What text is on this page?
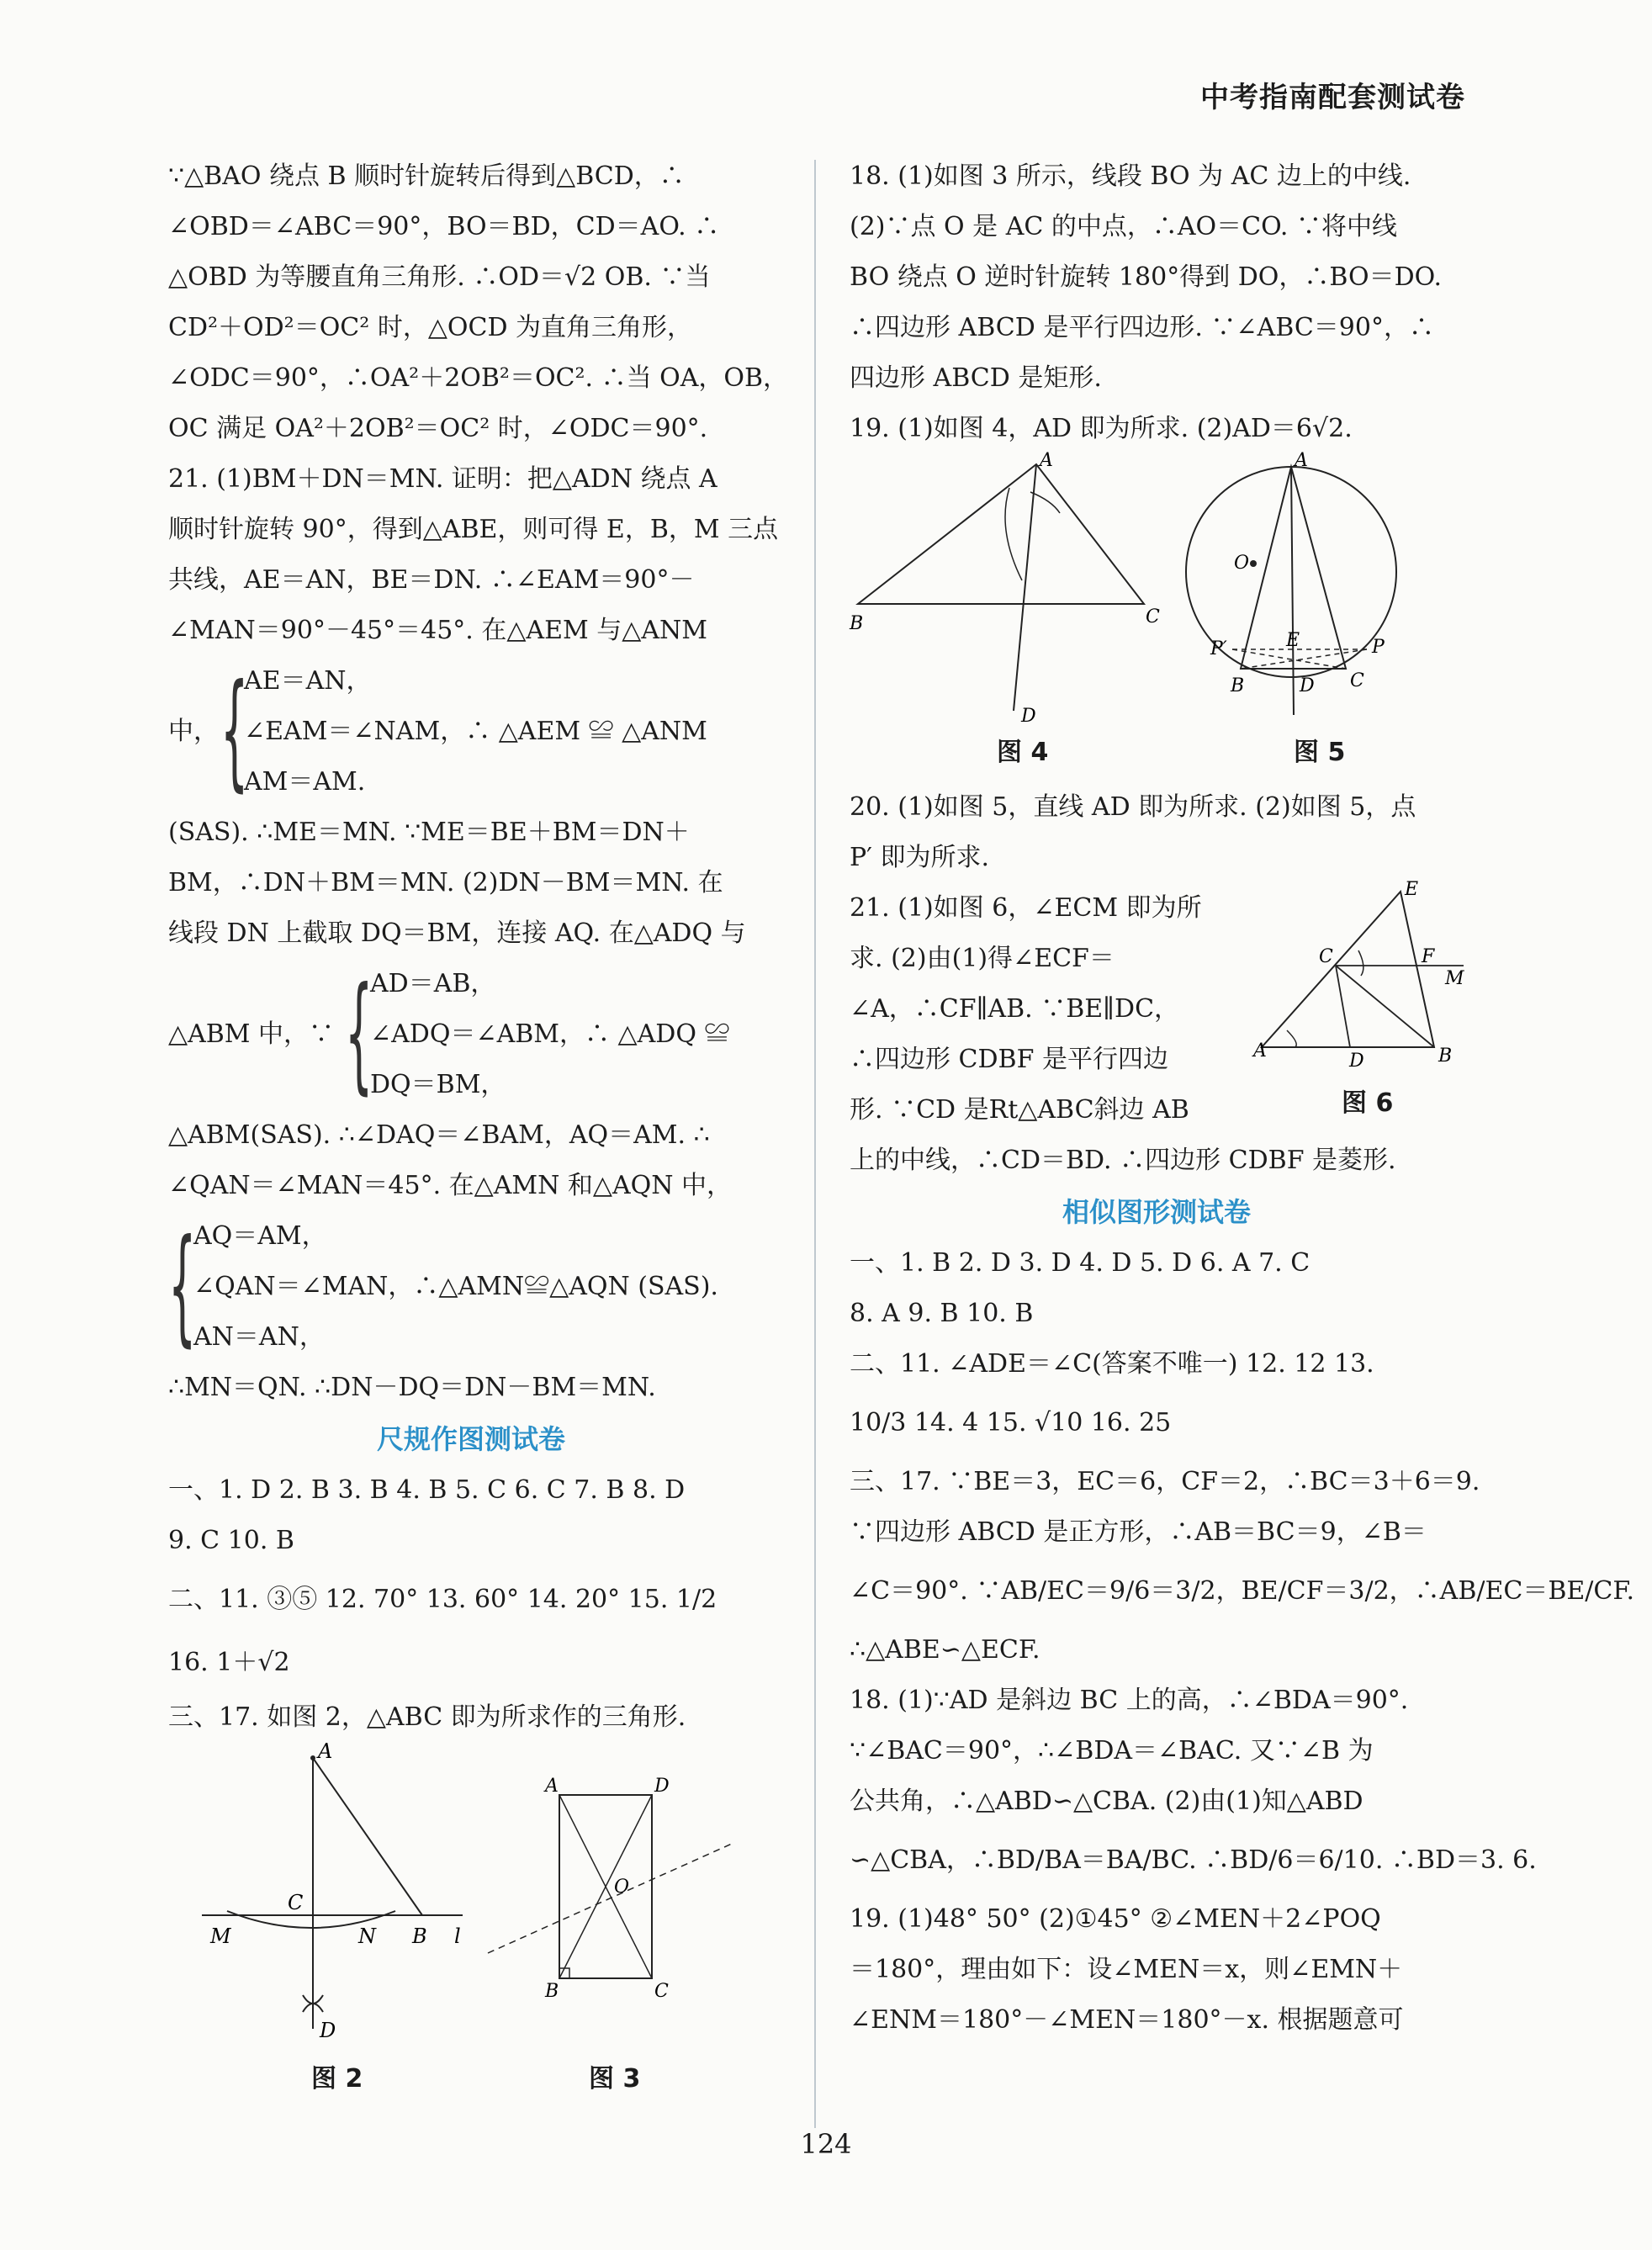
中考指南配套测试卷
∵△BAO 绕点 B 顺时针旋转后得到△BCD，∴
∠OBD＝∠ABC＝90°，BO＝BD，CD＝AO. ∴
△OBD 为等腰直角三角形. ∴OD＝√2 OB. ∵当
CD²＋OD²＝OC² 时，△OCD 为直角三角形，
∠ODC＝90°，∴OA²＋2OB²＝OC². ∴当 OA，OB，
OC 满足 OA²＋2OB²＝OC² 时，∠ODC＝90°.
21. (1)BM＋DN＝MN. 证明：把△ADN 绕点 A
顺时针旋转 90°，得到△ABE，则可得 E，B，M 三点
共线，AE＝AN，BE＝DN. ∴∠EAM＝90°－
∠MAN＝90°－45°＝45°. 在△AEM 与△ANM
中， {
AE＝AN，
∠EAM＝∠NAM，∴ △AEM ≌ △ANM
AM＝AM.
(SAS). ∴ME＝MN. ∵ME＝BE＋BM＝DN＋
BM，∴DN＋BM＝MN. (2)DN－BM＝MN. 在
线段 DN 上截取 DQ＝BM，连接 AQ. 在△ADQ 与
△ABM 中，∵ {
AD＝AB，
∠ADQ＝∠ABM，∴ △ADQ ≌
DQ＝BM，
△ABM(SAS). ∴∠DAQ＝∠BAM，AQ＝AM. ∴
∠QAN＝∠MAN＝45°. 在△AMN 和△AQN 中，
{
AQ＝AM，
∠QAN＝∠MAN，∴△AMN≌△AQN (SAS).
AN＝AN，
∴MN＝QN. ∴DN－DQ＝DN－BM＝MN.
尺规作图测试卷
一、1. D 2. B 3. B 4. B 5. C 6. C 7. B 8. D
9. C 10. B
二、11. ③⑤ 12. 70° 13. 60° 14. 20° 15. 1/2
16. 1＋√2
三、17. 如图 2，△ABC 即为所求作的三角形.
A
C
M	N B l
D
图 2
A	D
O
B	C
图 3
18. (1)如图 3 所示，线段 BO 为 AC 边上的中线.
(2)∵点 O 是 AC 的中点，∴AO＝CO. ∵将中线
BO 绕点 O 逆时针旋转 180°得到 DO，∴BO＝DO.
∴四边形 ABCD 是平行四边形. ∵∠ABC＝90°，∴
四边形 ABCD 是矩形.
19. (1)如图 4，AD 即为所求. (2)AD＝6√2.
A
B	C
D
图 4
A
O
P′	E	P
B	D C
图 5
20. (1)如图 5，直线 AD 即为所求. (2)如图 5，点
P′ 即为所求.
21. (1)如图 6，∠ECM 即为所
求. (2)由(1)得∠ECF＝
∠A，∴CF∥AB. ∵BE∥DC，
∴四边形 CDBF 是平行四边
形. ∵CD 是Rt△ABC斜边 AB
E
C	F
M
A	D	B
图 6
上的中线，∴CD＝BD. ∴四边形 CDBF 是菱形.
相似图形测试卷
一、1. B 2. D 3. D 4. D 5. D 6. A 7. C
8. A 9. B 10. B
二、11. ∠ADE＝∠C(答案不唯一) 12. 12 13.
10/3 14. 4 15. √10 16. 25
三、17. ∵BE＝3，EC＝6，CF＝2，∴BC＝3＋6＝9.
∵四边形 ABCD 是正方形，∴AB＝BC＝9，∠B＝
∠C＝90°. ∵AB/EC＝9/6＝3/2，BE/CF＝3/2，∴AB/EC＝BE/CF.
∴△ABE∽△ECF.
18. (1)∵AD 是斜边 BC 上的高，∴∠BDA＝90°.
∵∠BAC＝90°，∴∠BDA＝∠BAC. 又∵∠B 为
公共角，∴△ABD∽△CBA. (2)由(1)知△ABD
∽△CBA，∴BD/BA＝BA/BC. ∴BD/6＝6/10. ∴BD＝3. 6.
19. (1)48° 50° (2)①45° ②∠MEN＋2∠POQ
＝180°，理由如下：设∠MEN＝x，则∠EMN＋
∠ENM＝180°－∠MEN＝180°－x. 根据题意可
124
